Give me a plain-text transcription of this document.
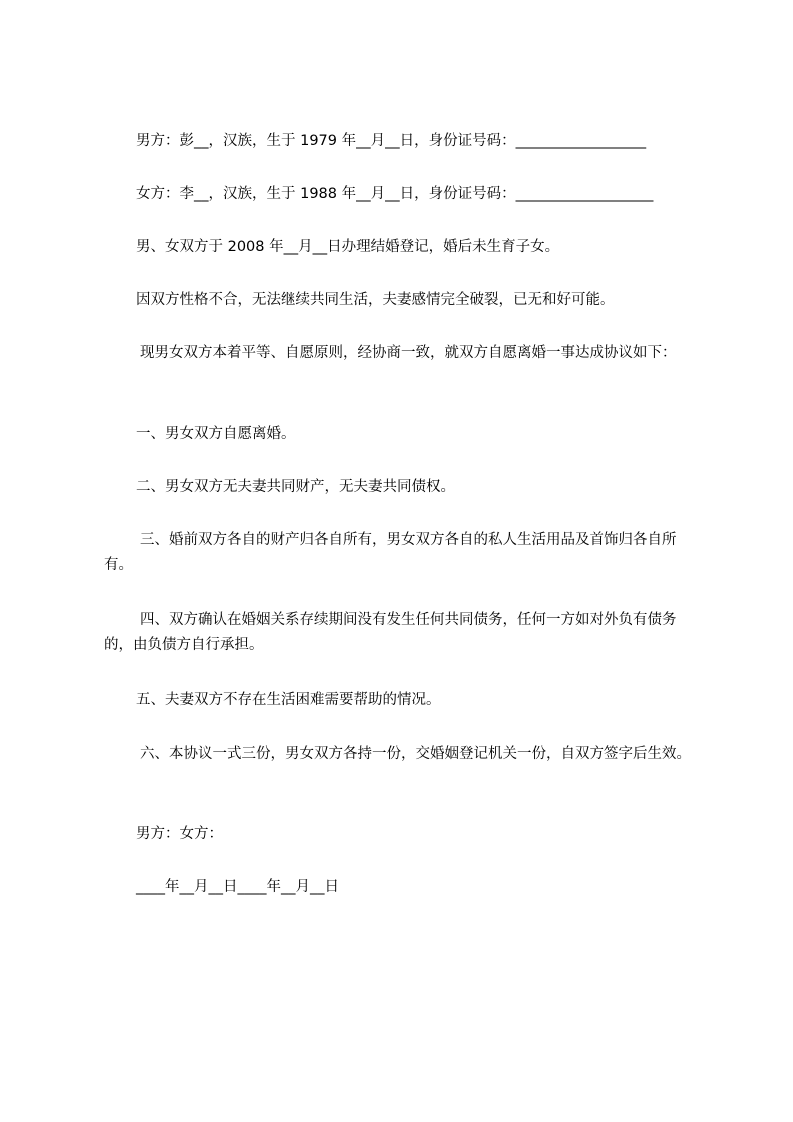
男方：彭__，汉族，生于 1979 年__月__日，身份证号码：__________________
女方：李__，汉族，生于 1988 年__月__日，身份证号码：___________________
男、女双方于 2008 年__月__日办理结婚登记，婚后未生育子女。
因双方性格不合，无法继续共同生活，夫妻感情完全破裂，已无和好可能。
现男女双方本着平等、自愿原则，经协商一致，就双方自愿离婚一事达成协议如下：
一、男女双方自愿离婚。
二、男女双方无夫妻共同财产，无夫妻共同债权。
三、婚前双方各自的财产归各自所有，男女双方各自的私人生活用品及首饰归各自所有。
四、双方确认在婚姻关系存续期间没有发生任何共同债务，任何一方如对外负有债务的，由负债方自行承担。
五、夫妻双方不存在生活困难需要帮助的情况。
六、本协议一式三份，男女双方各持一份，交婚姻登记机关一份，自双方签字后生效。
男方：女方：
____年__月__日____年__月__日
